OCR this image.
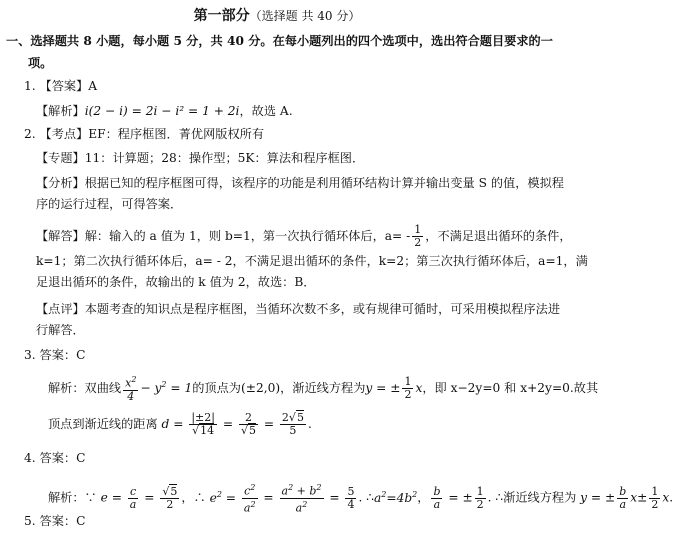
第一部分（选择题 共 40 分）
一、选择题共 8 小题，每小题 5 分，共 40 分。在每小题列出的四个选项中，选出符合题目要求的一
项。
1. 【答案】A
【解析】i(2 − i) = 2i − i² = 1 + 2i，故选 A.
2. 【考点】EF：程序框图．菁优网版权所有
【专题】11：计算题；28：操作型；5K：算法和程序框图．
【分析】根据已知的程序框图可得，该程序的功能是利用循环结构计算并输出变量 S 的值，模拟程
序的运行过程，可得答案．
【解答】解：输入的 a 值为 1，则 b=1，第一次执行循环体后，$a= - \frac{1}{2}$ ，不满足退出循环的条件，
k=1；第二次执行循环体后，a= - 2，不满足退出循环的条件，k=2；第三次执行循环体后，a=1，满
足退出循环的条件，故输出的 k 值为 2，故选：B．
【点评】本题考查的知识点是程序框图，当循环次数不多，或有规律可循时，可采用模拟程序法进
行解答．
3. 答案：C
解析：双曲线 $\frac{x^2}{4} - y^2 = 1$的顶点为(±2,0)，渐近线方程为y = ± $\frac{1}{2}$ x，即 x−2y=0 和 x+2y=0.故其
顶点到渐近线的距离 $d = \frac{|\pm 2|}{√14} = \frac{2}{√5} = \frac{2√5}{5}$ .
4. 答案：C
解析：∵ $e = \frac{c}{a} = \frac{√5}{2}$ ，∴ $e^2 = \frac{c^2}{a^2} = \frac{a^2 + b^2}{a^2} = \frac{5}{4}$ . $\therefore a^2=4b^2$， $\frac{b}{a}$ = ± $\frac{1}{2}$ . ∴渐近线方程为 y = ± $\frac{b}{a} x\pm \frac{1}{2} x$.
5. 答案：C
